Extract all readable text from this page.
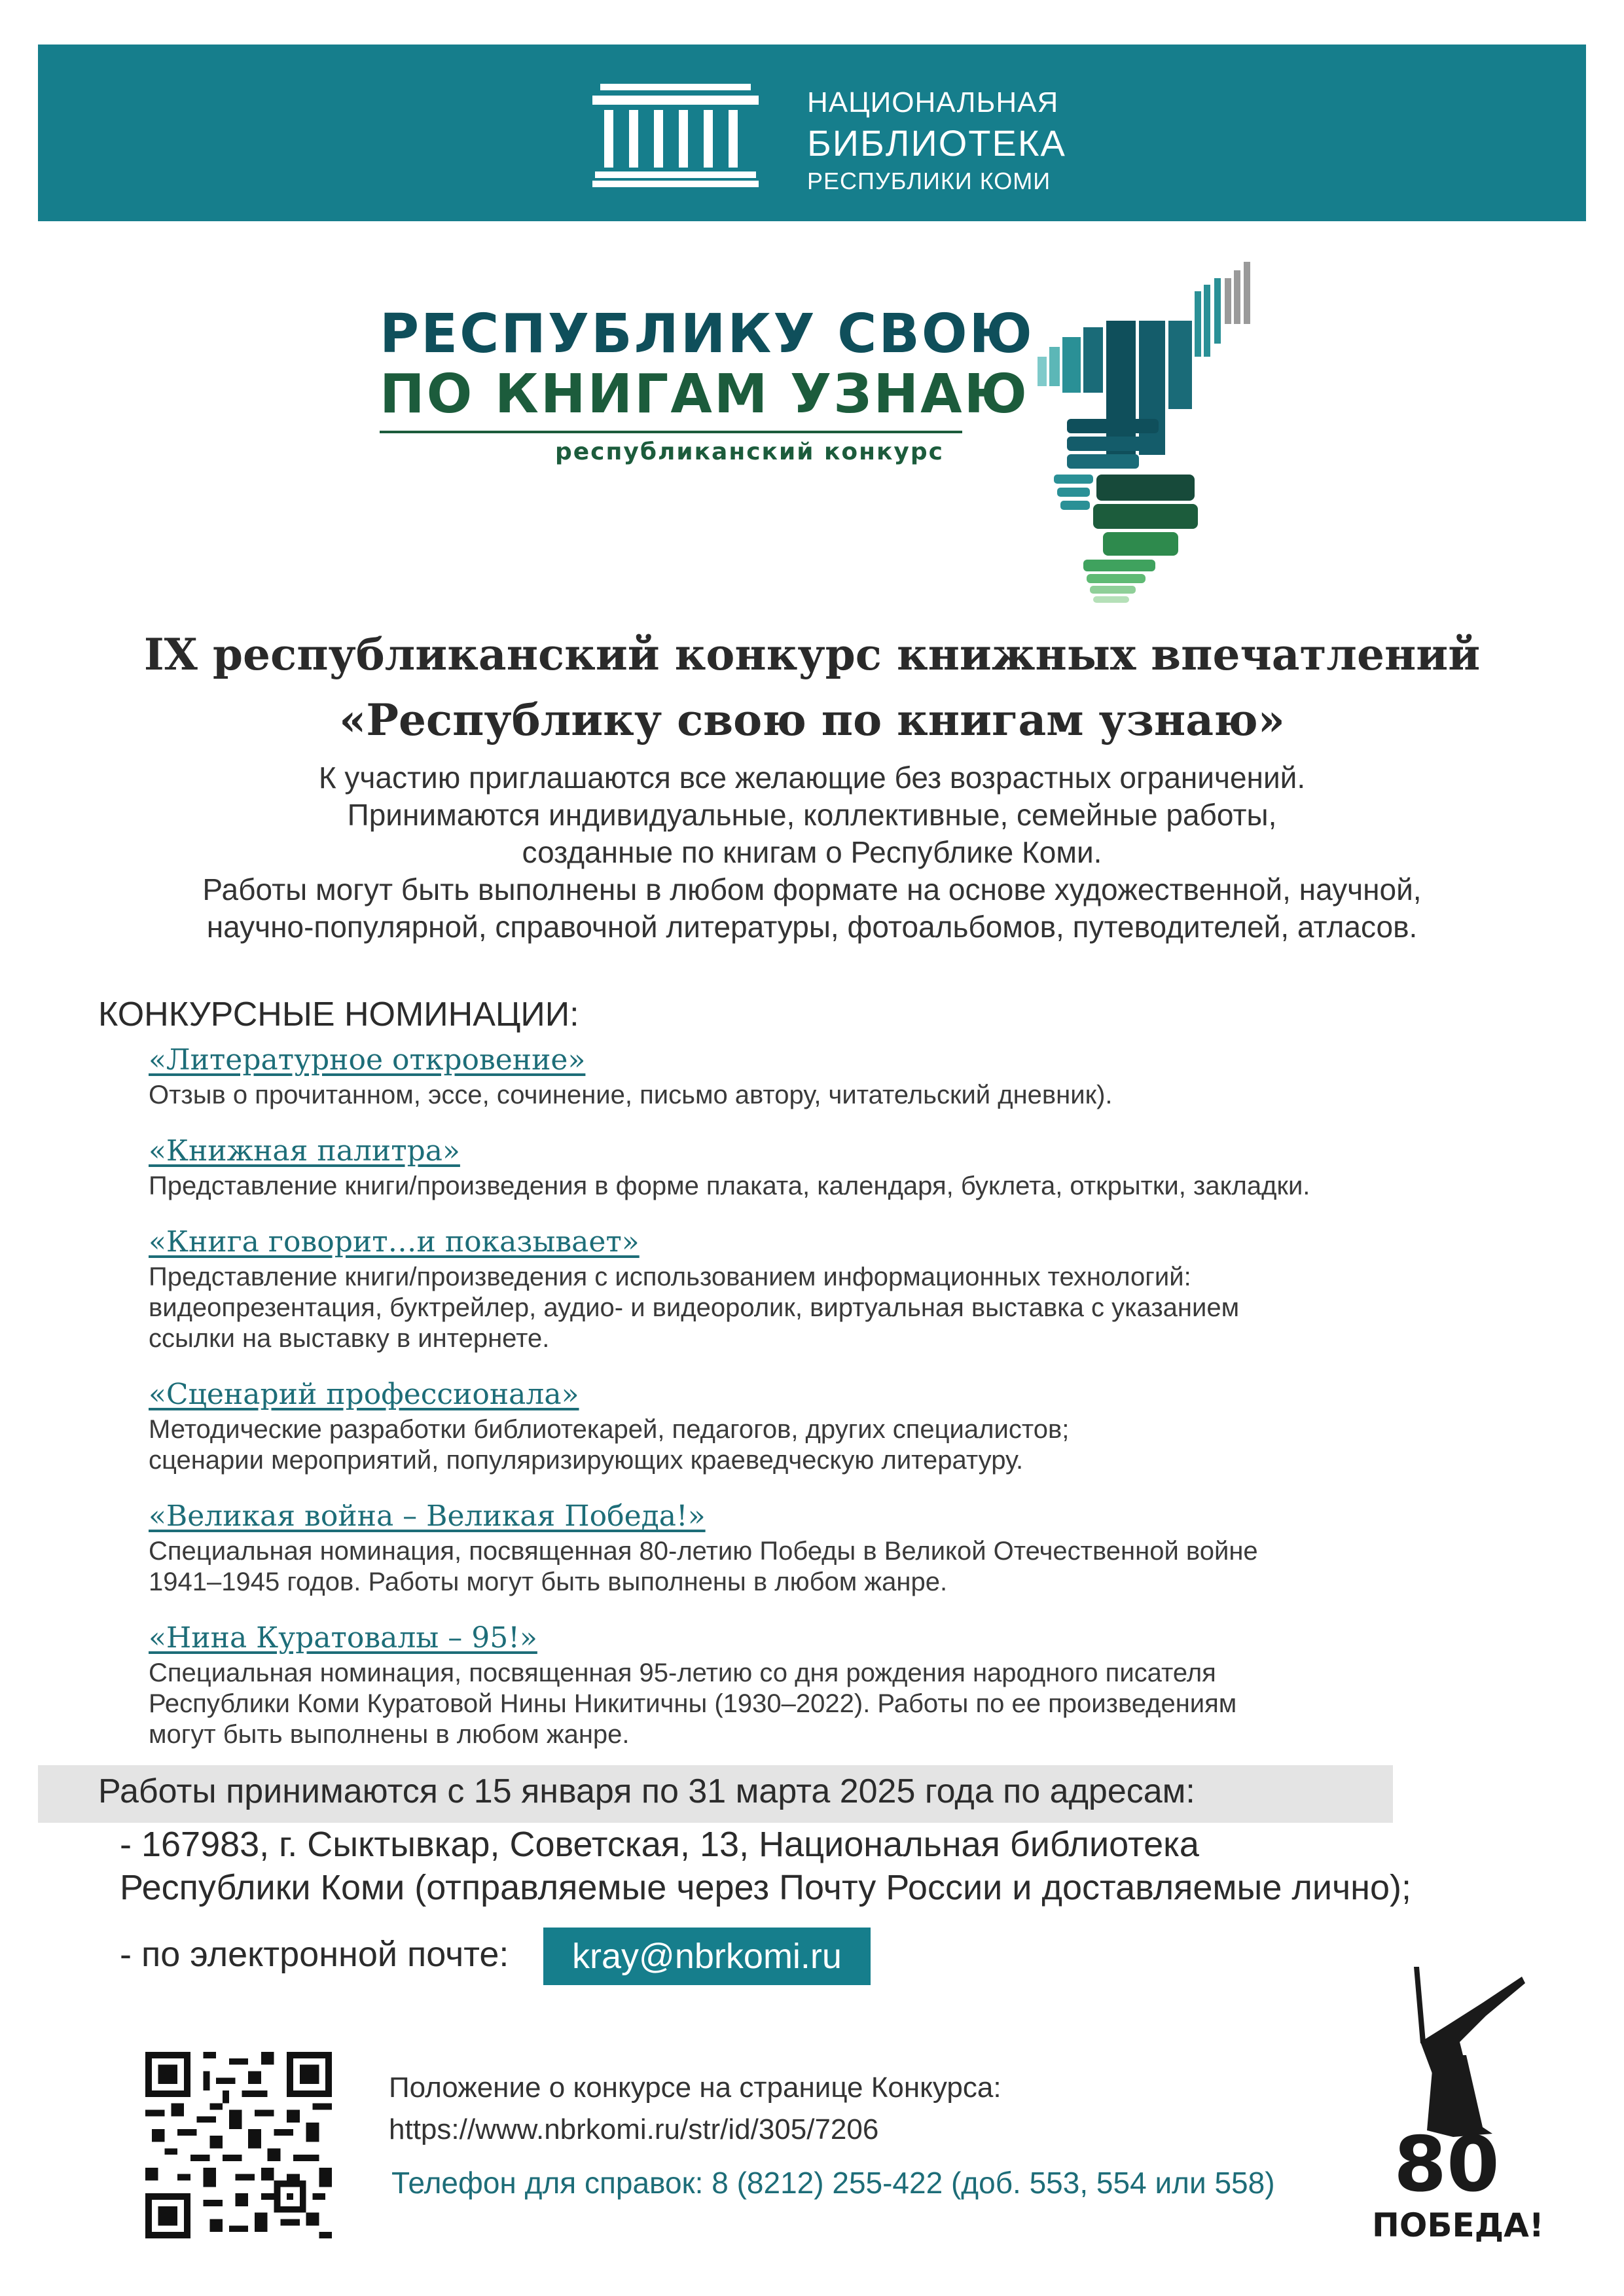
НАЦИОНАЛЬНАЯ
БИБЛИОТЕКА
РЕСПУБЛИКИ КОМИ
РЕСПУБЛИКУ СВОЮ
ПО КНИГАМ УЗНАЮ
республиканский конкурс
IX республиканский конкурс книжных впечатлений
«Республику свою по книгам узнаю»
К участию приглашаются все желающие без возрастных ограничений.
Принимаются индивидуальные, коллективные, семейные работы,
созданные по книгам о Республике Коми.
Работы могут быть выполнены в любом формате на основе художественной, научной,
научно-популярной, справочной литературы, фотоальбомов, путеводителей, атласов.
КОНКУРСНЫЕ НОМИНАЦИИ:
«Литературное откровение»
Отзыв о прочитанном, эссе, сочинение, письмо автору, читательский дневник).
«Книжная палитра»
Представление книги/произведения в форме плаката, календаря, буклета, открытки, закладки.
«Книга говорит…и показывает»
Представление книги/произведения с использованием информационных технологий:
видеопрезентация, буктрейлер, аудио- и видеоролик, виртуальная выставка с указанием
ссылки на выставку в интернете.
«Сценарий профессионала»
Методические разработки библиотекарей, педагогов, других специалистов;
сценарии мероприятий, популяризирующих краеведческую литературу.
«Великая война – Великая Победа!»
Специальная номинация, посвященная 80-летию Победы в Великой Отечественной войне
1941–1945 годов. Работы могут быть выполнены в любом жанре.
«Нина Куратовалы – 95!»
Специальная номинация, посвященная 95-летию со дня рождения народного писателя
Республики Коми Куратовой Нины Никитичны (1930–2022). Работы по ее произведениям
могут быть выполнены в любом жанре.
Работы принимаются с 15 января по 31 марта 2025 года по адресам:
- 167983, г. Сыктывкар, Советская, 13, Национальная библиотека
Республики Коми (отправляемые через Почту России и доставляемые лично);
- по электронной почте:	kray@nbrkomi.ru
Положение о конкурсе на странице Конкурса:
https://www.nbrkomi.ru/str/id/305/7206
Телефон для справок: 8 (8212) 255-422 (доб. 553, 554 или 558) 80
ПОБЕДА!
